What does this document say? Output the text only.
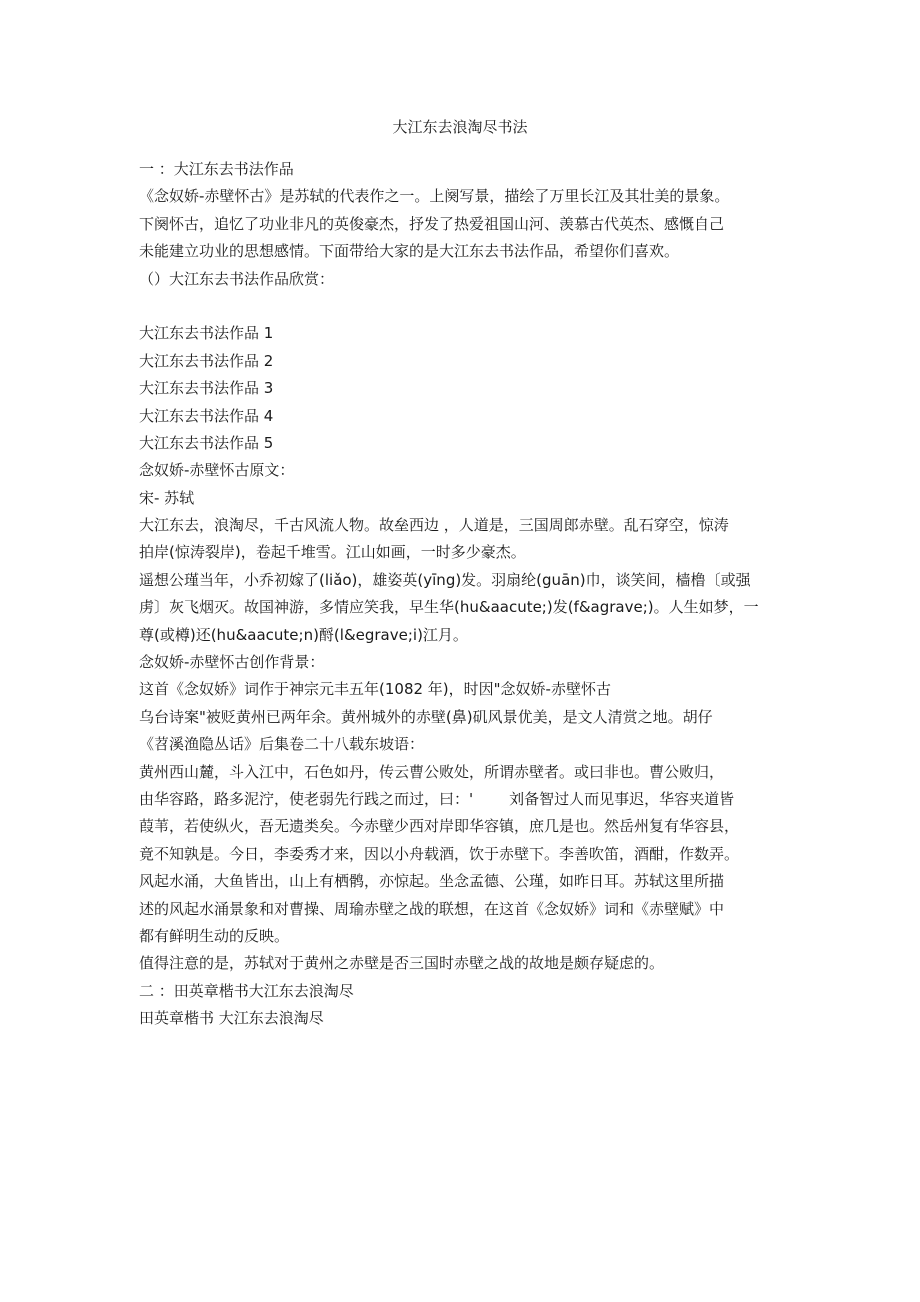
大江东去浪淘尽书法
一 ：大江东去书法作品
《念奴娇-赤壁怀古》是苏轼的代表作之一。上阕写景，描绘了万里长江及其壮美的景象。
下阕怀古，追忆了功业非凡的英俊豪杰，抒发了热爱祖国山河、羡慕古代英杰、感慨自己
未能建立功业的思想感情。下面带给大家的是大江东去书法作品，希望你们喜欢。
（）大江东去书法作品欣赏：
大江东去书法作品 1
大江东去书法作品 2
大江东去书法作品 3
大江东去书法作品 4
大江东去书法作品 5
念奴娇-赤壁怀古原文：
宋- 苏轼
大江东去，浪淘尽，千古风流人物。故垒西边 ，人道是，三国周郎赤壁。乱石穿空，惊涛
拍岸(惊涛裂岸)，卷起千堆雪。江山如画，一时多少豪杰。
遥想公瑾当年，小乔初嫁了(liǎo)，雄姿英(yīng)发。羽扇纶(guān)巾，谈笑间，樯橹〔或强
虏〕灰飞烟灭。故国神游，多情应笑我，早生华(hu&aacute;)发(f&agrave;)。人生如梦，一
尊(或樽)还(hu&aacute;n)酹(l&egrave;i)江月。
念奴娇-赤壁怀古创作背景：
这首《念奴娇》词作于神宗元丰五年(1082 年)，时因"念奴娇-赤壁怀古
乌台诗案"被贬黄州已两年余。黄州城外的赤壁(鼻)矶风景优美，是文人清赏之地。胡仔
《苕溪渔隐丛话》后集卷二十八载东坡语：
黄州西山麓，斗入江中，石色如丹，传云曹公败处，所谓赤壁者。或曰非也。曹公败归，
由华容路，路多泥泞，使老弱先行践之而过，曰：' 刘备智过人而见事迟，华容夹道皆
葭苇，若使纵火，吾无遗类矣。今赤壁少西对岸即华容镇，庶几是也。然岳州复有华容县，
竟不知孰是。今日，李委秀才来，因以小舟载酒，饮于赤壁下。李善吹笛，酒酣，作数弄。
风起水涌，大鱼皆出，山上有栖鹘，亦惊起。坐念孟德、公瑾，如昨日耳。苏轼这里所描
述的风起水涌景象和对曹操、周瑜赤壁之战的联想，在这首《念奴娇》词和《赤壁赋》中
都有鲜明生动的反映。
值得注意的是，苏轼对于黄州之赤壁是否三国时赤壁之战的故地是颇存疑虑的。
二 ：田英章楷书大江东去浪淘尽
田英章楷书 大江东去浪淘尽
